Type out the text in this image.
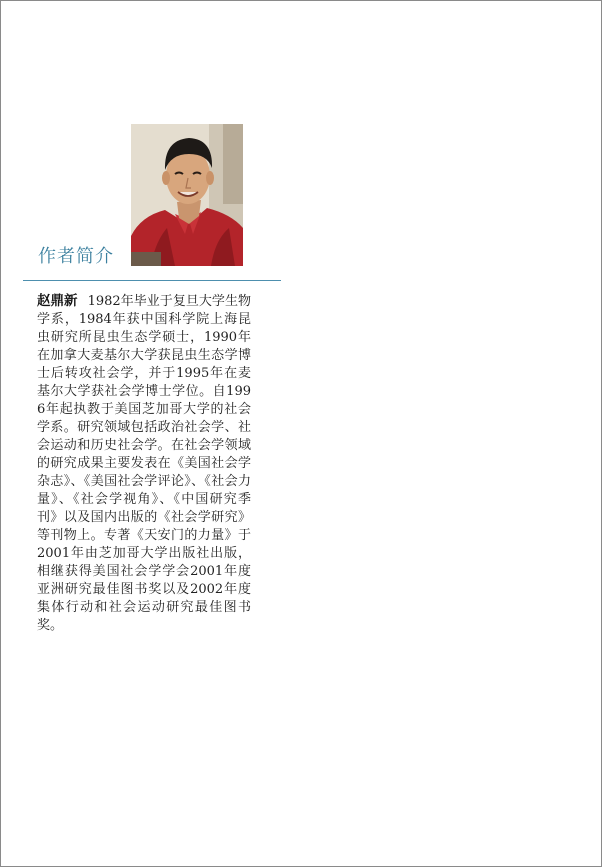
作者简介

赵鼎新 1982年毕业于复旦大学生物学系，1984年获中国科学院上海昆虫研究所昆虫生态学硕士，1990年在加拿大麦基尔大学获昆虫生态学博士后转攻社会学，并于1995年在麦基尔大学获社会学博士学位。自1996年起执教于美国芝加哥大学的社会学系。研究领域包括政治社会学、社会运动和历史社会学。在社会学领域的研究成果主要发表在《美国社会学杂志》、《美国社会学评论》、《社会力量》、《社会学视角》、《中国研究季刊》以及国内出版的《社会学研究》等刊物上。专著《天安门的力量》于2001年由芝加哥大学出版社出版，相继获得美国社会学学会2001年度亚洲研究最佳图书奖以及2002年度集体行动和社会运动研究最佳图书奖。
